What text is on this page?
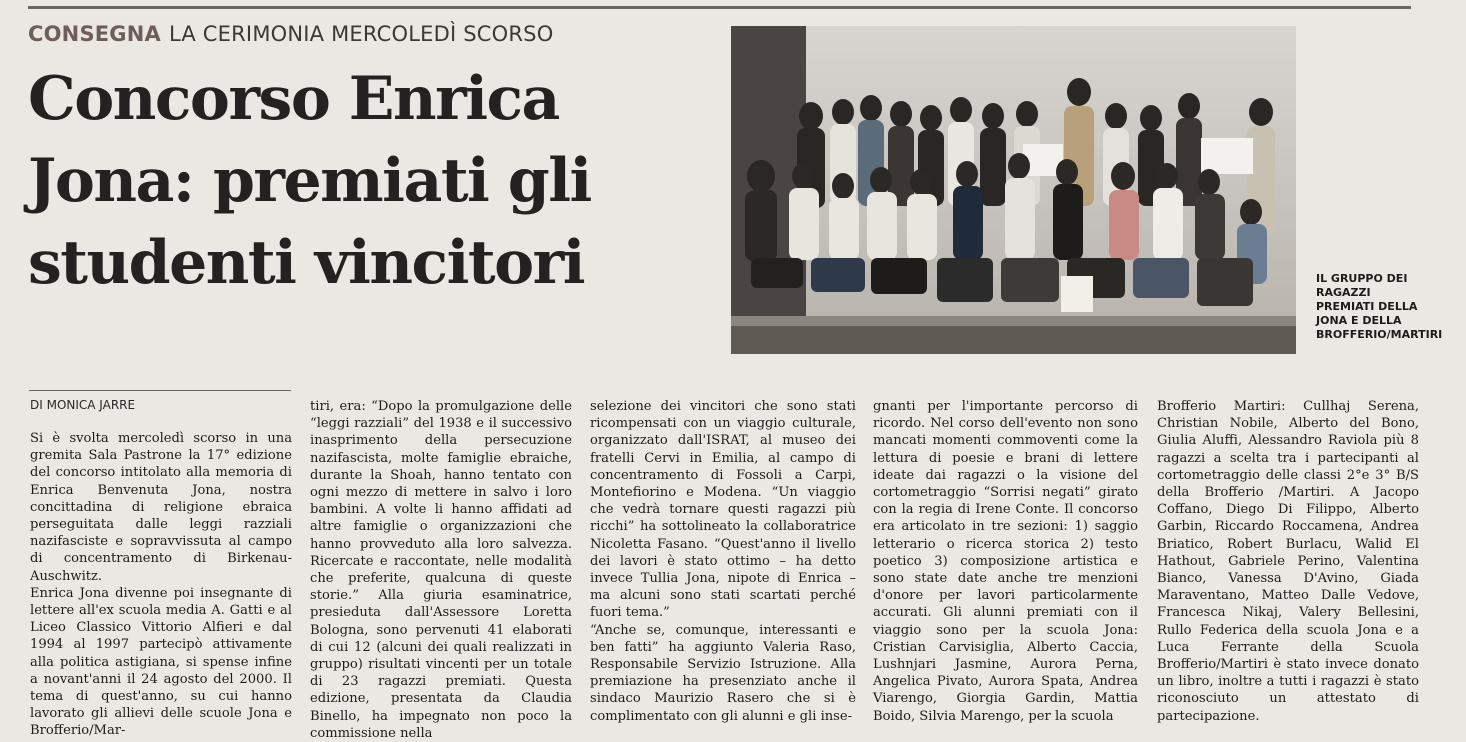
CONSEGNA LA CERIMONIA MERCOLEDÌ SCORSO
Concorso Enrica Jona: premiati gli studenti vincitori	IL GRUPPO DEI
RAGAZZI
PREMIATI DELLA
JONA E DELLA
BROFFERIO/MARTIRI
DI MONICA JARRE

Si è svolta mercoledì scorso in una gremita Sala Pastrone la 17° edizione del concorso intitolato alla memoria di Enrica Benvenuta Jona, nostra concittadina di religione ebraica perseguitata dalle leggi razziali nazifasciste e sopravvissuta al campo di concentramento di Birkenau-Auschwitz.

Enrica Jona divenne poi insegnante di lettere all'ex scuola media A. Gatti e al Liceo Classico Vittorio Alfieri e dal 1994 al 1997 partecipò attivamente alla politica astigiana, si spense infine a novant'anni il 24 agosto del 2000. Il tema di quest'anno, su cui hanno lavorato gli allievi delle scuole Jona e Brofferio/Mar-

tiri, era: “Dopo la promulgazione delle “leggi razziali” del 1938 e il successivo inasprimento della persecuzione nazifascista, molte famiglie ebraiche, durante la Shoah, hanno tentato con ogni mezzo di mettere in salvo i loro bambini. A volte li hanno affidati ad altre famiglie o organizzazioni che hanno provveduto alla loro salvezza. Ricercate e raccontate, nelle modalità che preferite, qualcuna di queste storie.” Alla giuria esaminatrice, presieduta dall'Assessore Loretta Bologna, sono pervenuti 41 elaborati di cui 12 (alcuni dei quali realizzati in gruppo) risultati vincenti per un totale di 23 ragazzi premiati. Questa edizione, presentata da Claudia Binello, ha impegnato non poco la commissione nella

selezione dei vincitori che sono stati ricompensati con un viaggio culturale, organizzato dall'ISRAT, al museo dei fratelli Cervi in Emilia, al campo di concentramento di Fossoli a Carpi, Montefiorino e Modena. “Un viaggio che vedrà tornare questi ragazzi più ricchi” ha sottolineato la collaboratrice Nicoletta Fasano. “Quest'anno il livello dei lavori è stato ottimo – ha detto invece Tullia Jona, nipote di Enrica – ma alcuni sono stati scartati perché fuori tema.”

“Anche se, comunque, interessanti e ben fatti” ha aggiunto Valeria Raso, Responsabile Servizio Istruzione. Alla premiazione ha presenziato anche il sindaco Maurizio Rasero che si è complimentato con gli alunni e gli inse-

gnanti per l'importante percorso di ricordo. Nel corso dell'evento non sono mancati momenti commoventi come la lettura di poesie e brani di lettere ideate dai ragazzi o la visione del cortometraggio “Sorrisi negati” girato con la regia di Irene Conte. Il concorso era articolato in tre sezioni: 1) saggio letterario o ricerca storica 2) testo poetico 3) composizione artistica e sono state date anche tre menzioni d'onore per lavori particolarmente accurati. Gli alunni premiati con il viaggio sono per la scuola Jona: Cristian Carvisiglia, Alberto Caccia, Lushnjari Jasmine, Aurora Perna, Angelica Pivato, Aurora Spata, Andrea Viarengo, Giorgia Gardin, Mattia Boido, Silvia Marengo, per la scuola

Brofferio Martiri: Cullhaj Serena, Christian Nobile, Alberto del Bono, Giulia Aluffi, Alessandro Raviola più 8 ragazzi a scelta tra i partecipanti al cortometraggio delle classi 2°e 3° B/S della Brofferio /Martiri. A Jacopo Coffano, Diego Di Filippo, Alberto Garbin, Riccardo Roccamena, Andrea Briatico, Robert Burlacu, Walid El Hathout, Gabriele Perino, Valentina Bianco, Vanessa D'Avino, Giada Maraventano, Matteo Dalle Vedove, Francesca Nikaj, Valery Bellesini, Rullo Federica della scuola Jona e a Luca Ferrante della Scuola Brofferio/Martiri è stato invece donato un libro, inoltre a tutti i ragazzi è stato riconosciuto un attestato di partecipazione.
